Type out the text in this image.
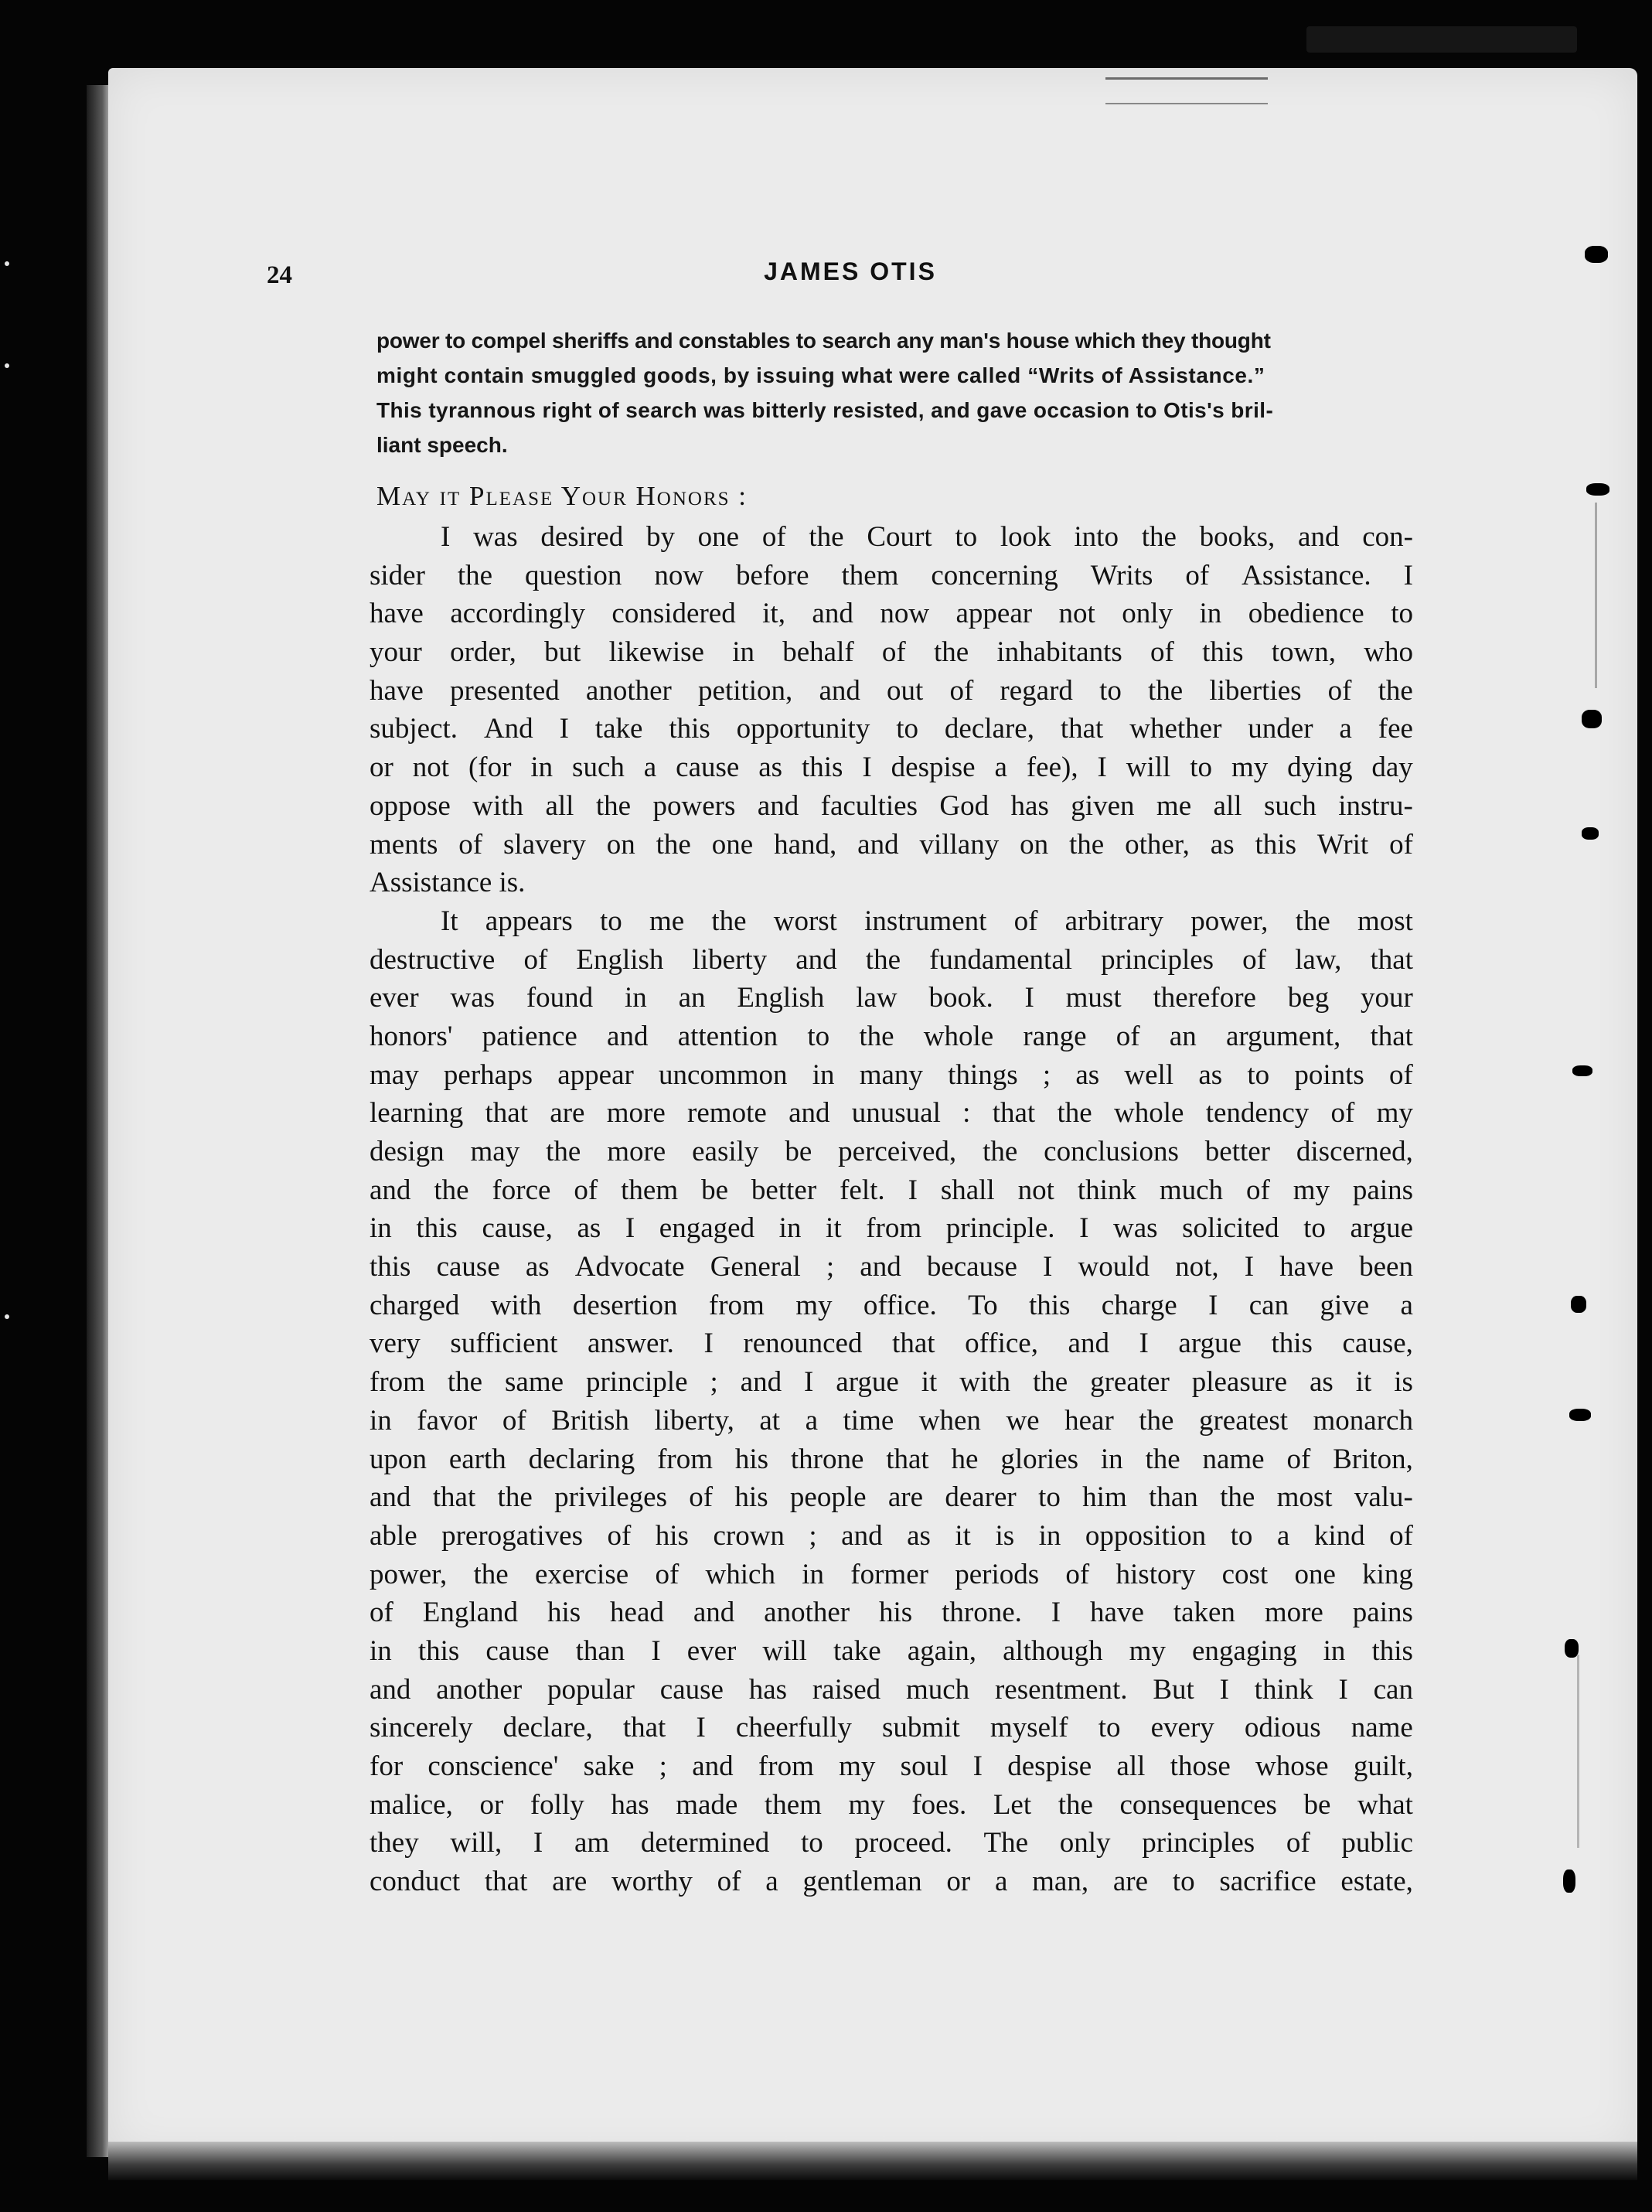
24	JAMES OTIS
power to compel sheriffs and constables to search any man's house which they thought
might contain smuggled goods, by issuing what were called “Writs of Assistance.”
This tyrannous right of search was bitterly resisted, and gave occasion to Otis's bril-
liant speech.
May it Please Your Honors :
I was desired by one of the Court to look into the books, and con-
sider the question now before them concerning Writs of Assistance. I
have accordingly considered it, and now appear not only in obedience to
your order, but likewise in behalf of the inhabitants of this town, who
have presented another petition, and out of regard to the liberties of the
subject. And I take this opportunity to declare, that whether under a fee
or not (for in such a cause as this I despise a fee), I will to my dying day
oppose with all the powers and faculties God has given me all such instru-
ments of slavery on the one hand, and villany on the other, as this Writ of
Assistance is.
It appears to me the worst instrument of arbitrary power, the most
destructive of English liberty and the fundamental principles of law, that
ever was found in an English law book. I must therefore beg your
honors' patience and attention to the whole range of an argument, that
may perhaps appear uncommon in many things ; as well as to points of
learning that are more remote and unusual : that the whole tendency of my
design may the more easily be perceived, the conclusions better discerned,
and the force of them be better felt. I shall not think much of my pains
in this cause, as I engaged in it from principle. I was solicited to argue
this cause as Advocate General ; and because I would not, I have been
charged with desertion from my office. To this charge I can give a
very sufficient answer. I renounced that office, and I argue this cause,
from the same principle ; and I argue it with the greater pleasure as it is
in favor of British liberty, at a time when we hear the greatest monarch
upon earth declaring from his throne that he glories in the name of Briton,
and that the privileges of his people are dearer to him than the most valu-
able prerogatives of his crown ; and as it is in opposition to a kind of
power, the exercise of which in former periods of history cost one king
of England his head and another his throne. I have taken more pains
in this cause than I ever will take again, although my engaging in this
and another popular cause has raised much resentment. But I think I can
sincerely declare, that I cheerfully submit myself to every odious name
for conscience' sake ; and from my soul I despise all those whose guilt,
malice, or folly has made them my foes. Let the consequences be what
they will, I am determined to proceed. The only principles of public
conduct that are worthy of a gentleman or a man, are to sacrifice estate,
